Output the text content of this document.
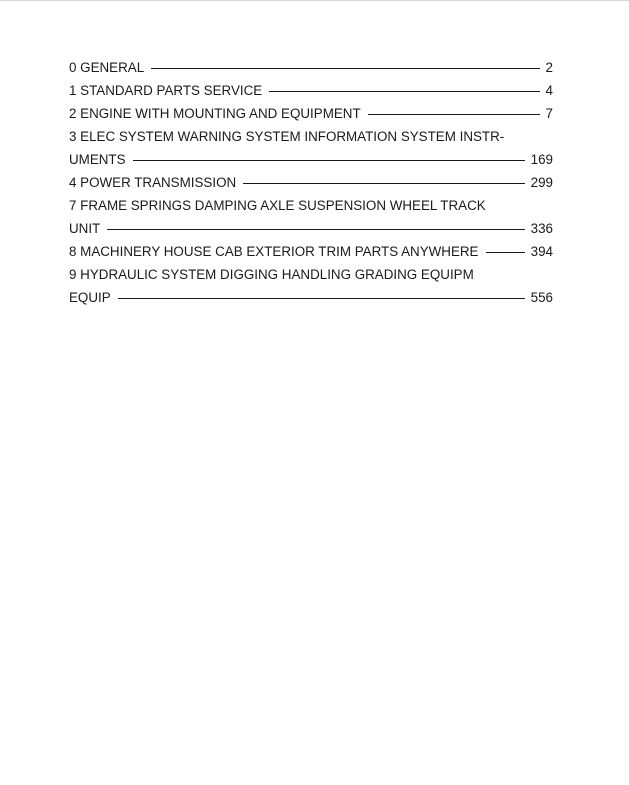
0 GENERAL	2
1 STANDARD PARTS SERVICE	4
2 ENGINE WITH MOUNTING AND EQUIPMENT	7
3 ELEC SYSTEM WARNING SYSTEM INFORMATION SYSTEM INSTR-
UMENTS	169
4 POWER TRANSMISSION	299
7 FRAME SPRINGS DAMPING AXLE SUSPENSION WHEEL TRACK
UNIT	336
8 MACHINERY HOUSE CAB EXTERIOR TRIM PARTS ANYWHERE	394
9 HYDRAULIC SYSTEM DIGGING HANDLING GRADING EQUIPM
EQUIP	556
